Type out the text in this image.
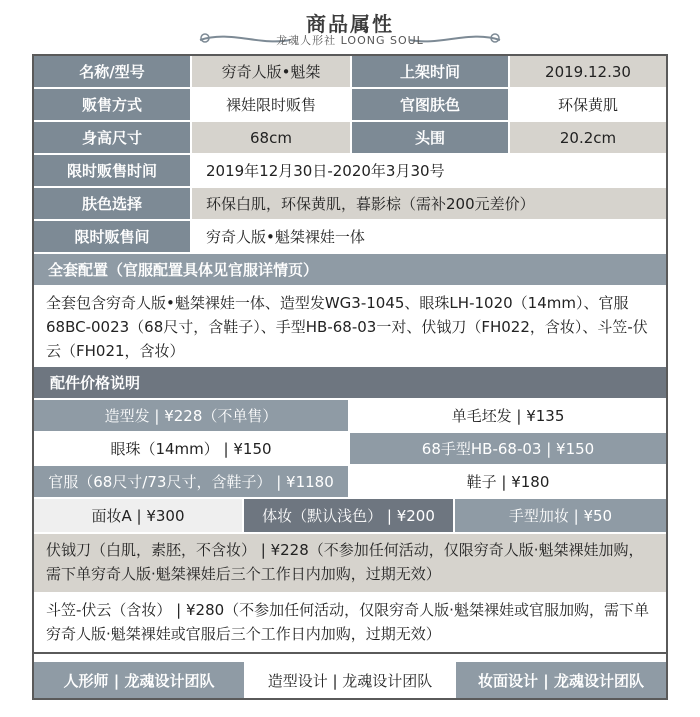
商品属性
龙魂人形社 LOONG SOUL
名称/型号	穷奇人版•魁桀	上架时间	2019.12.30
贩售方式	裸娃限时贩售	官图肤色	环保黄肌
身高尺寸	68cm	头围	20.2cm
限时贩售时间	2019年12月30日-2020年3月30号
肤色选择	环保白肌，环保黄肌，暮影棕（需补200元差价）
限时贩售间	穷奇人版•魁桀裸娃一体
全套配置（官服配置具体见官服详情页）
全套包含穷奇人版•魁桀裸娃一体、造型发WG3-1045、眼珠LH-1020（14mm）、官服68BC-0023（68尺寸，含鞋子）、手型HB-68-03一对、伏钺刀（FH022，含妆）、斗笠-伏云（FH021，含妆）
配件价格说明
造型发 | ¥228（不单售）	单毛坯发 | ¥135
眼珠（14mm） | ¥150	68手型HB-68-03 | ¥150
官服（68尺寸/73尺寸，含鞋子） | ¥1180	鞋子 | ¥180
面妆A | ¥300	体妆（默认浅色） | ¥200	手型加妆 | ¥50
伏钺刀（白肌，素胚，不含妆） | ¥228（不参加任何活动，仅限穷奇人版·魁桀裸娃加购，需下单穷奇人版·魁桀裸娃后三个工作日内加购，过期无效）
斗笠-伏云（含妆） | ¥280（不参加任何活动，仅限穷奇人版·魁桀裸娃或官服加购，需下单穷奇人版·魁桀裸娃或官服后三个工作日内加购，过期无效）
人形师 | 龙魂设计团队	造型设计 | 龙魂设计团队	妆面设计 | 龙魂设计团队
